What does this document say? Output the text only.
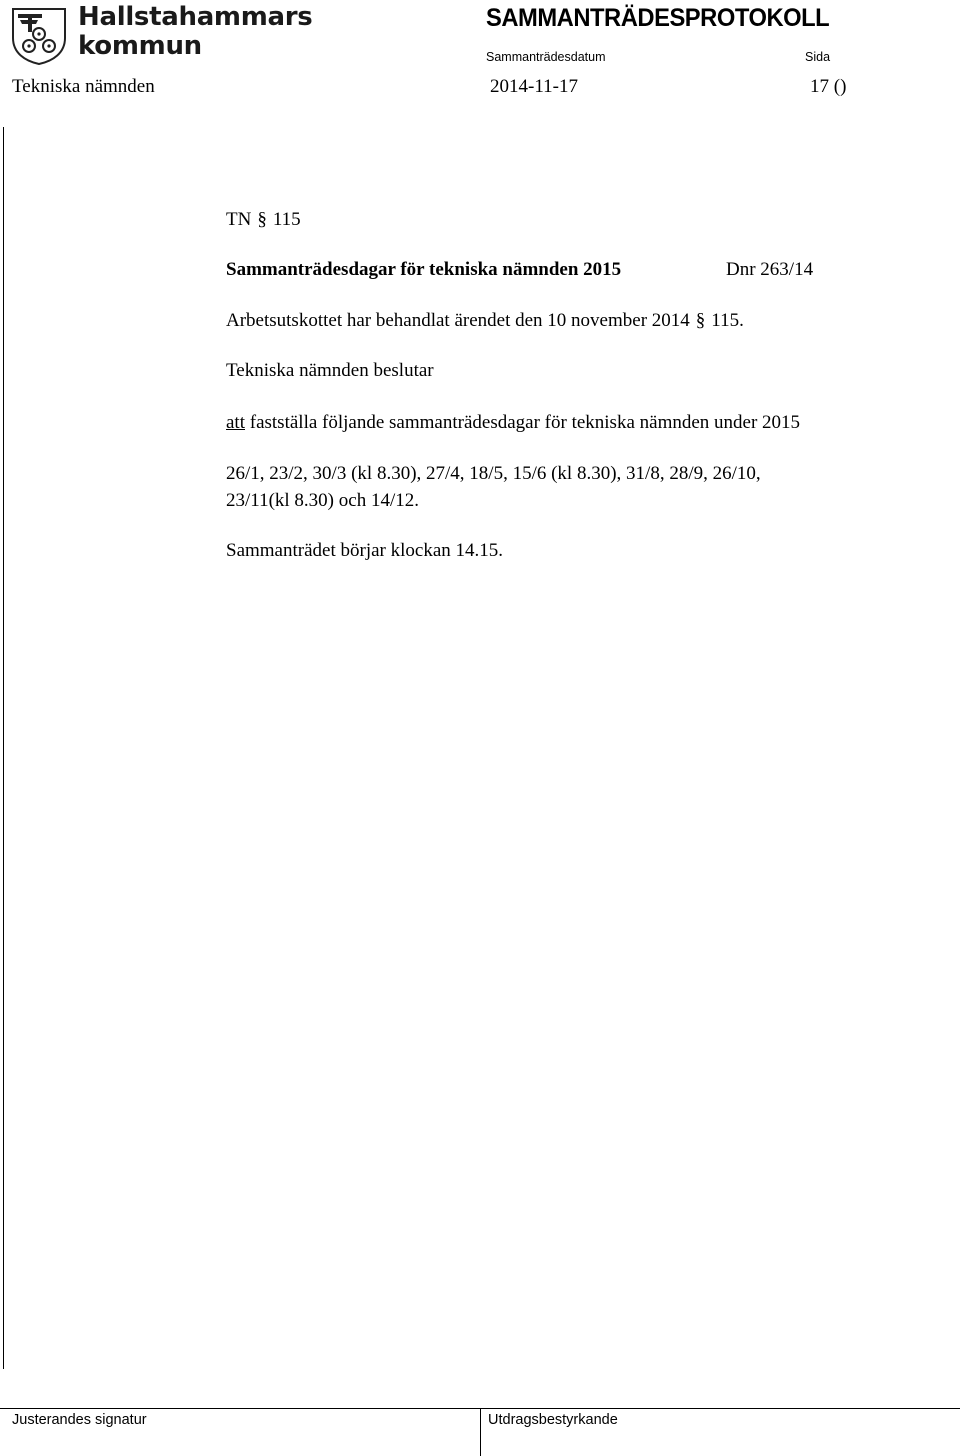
Hallstahammars
kommun
SAMMANTRÄDESPROTOKOLL
Sammanträdesdatum	Sida
Tekniska nämnden	2014-11-17	17 ()
TN § 115
Sammanträdesdagar för tekniska nämnden 2015	Dnr 263/14
Arbetsutskottet har behandlat ärendet den 10 november 2014 § 115.
Tekniska nämnden beslutar
att fastställa följande sammanträdesdagar för tekniska nämnden under 2015
26/1, 23/2, 30/3 (kl 8.30), 27/4, 18/5, 15/6 (kl 8.30), 31/8, 28/9, 26/10,
23/11(kl 8.30) och 14/12.
Sammanträdet börjar klockan 14.15.
Justerandes signatur	Utdragsbestyrkande
